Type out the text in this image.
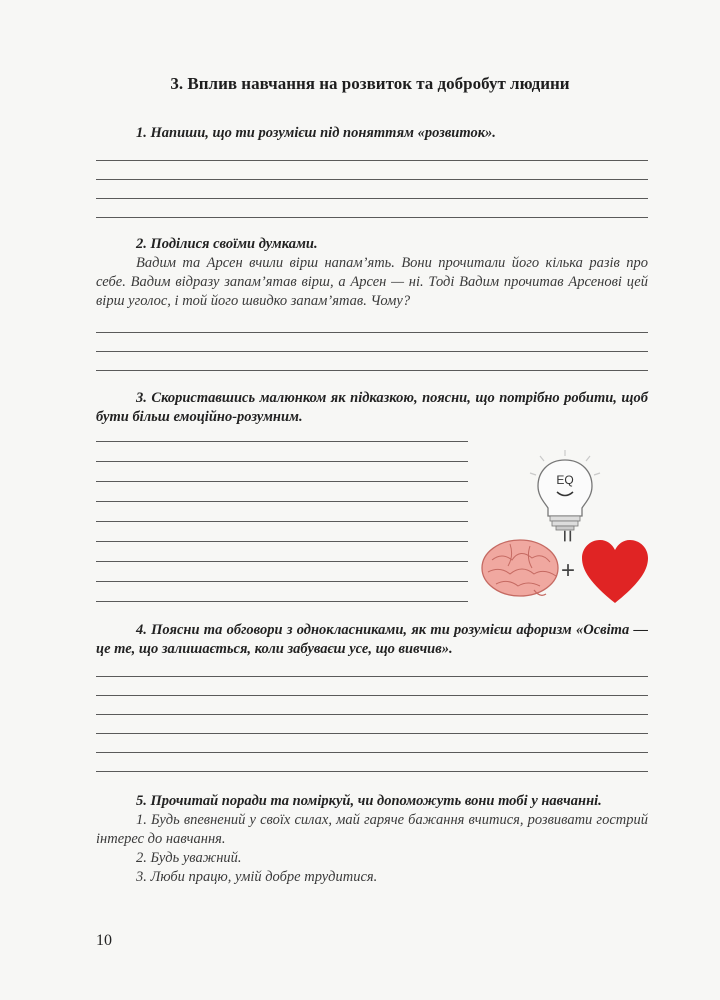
3. Вплив навчання на розвиток та добробут людини
1. Напиши, що ти розумієш під поняттям «розвиток».
2. Поділися своїми думками.
Вадим та Арсен вчили вірш напам’ять. Вони прочитали його кілька разів про себе. Вадим відразу запам’ятав вірш, а Арсен — ні. Тоді Вадим прочитав Арсенові цей вірш уголос, і той його швидко запам’ятав. Чому?
3. Скориставшись малюнком як підказкою, поясни, що потрібно робити, щоб бути більш емоційно-розумним.
EQ
=
+
4. Поясни та обговори з однокласниками, як ти розумієш афоризм «Освіта — це те, що залишається, коли забуваєш усе, що вивчив».
5. Прочитай поради та поміркуй, чи допоможуть вони тобі у навчанні.
1. Будь впевнений у своїх силах, май гаряче бажання вчитися, розвивати гострий інтерес до навчання.
2. Будь уважний.
3. Люби працю, умій добре трудитися.
10
